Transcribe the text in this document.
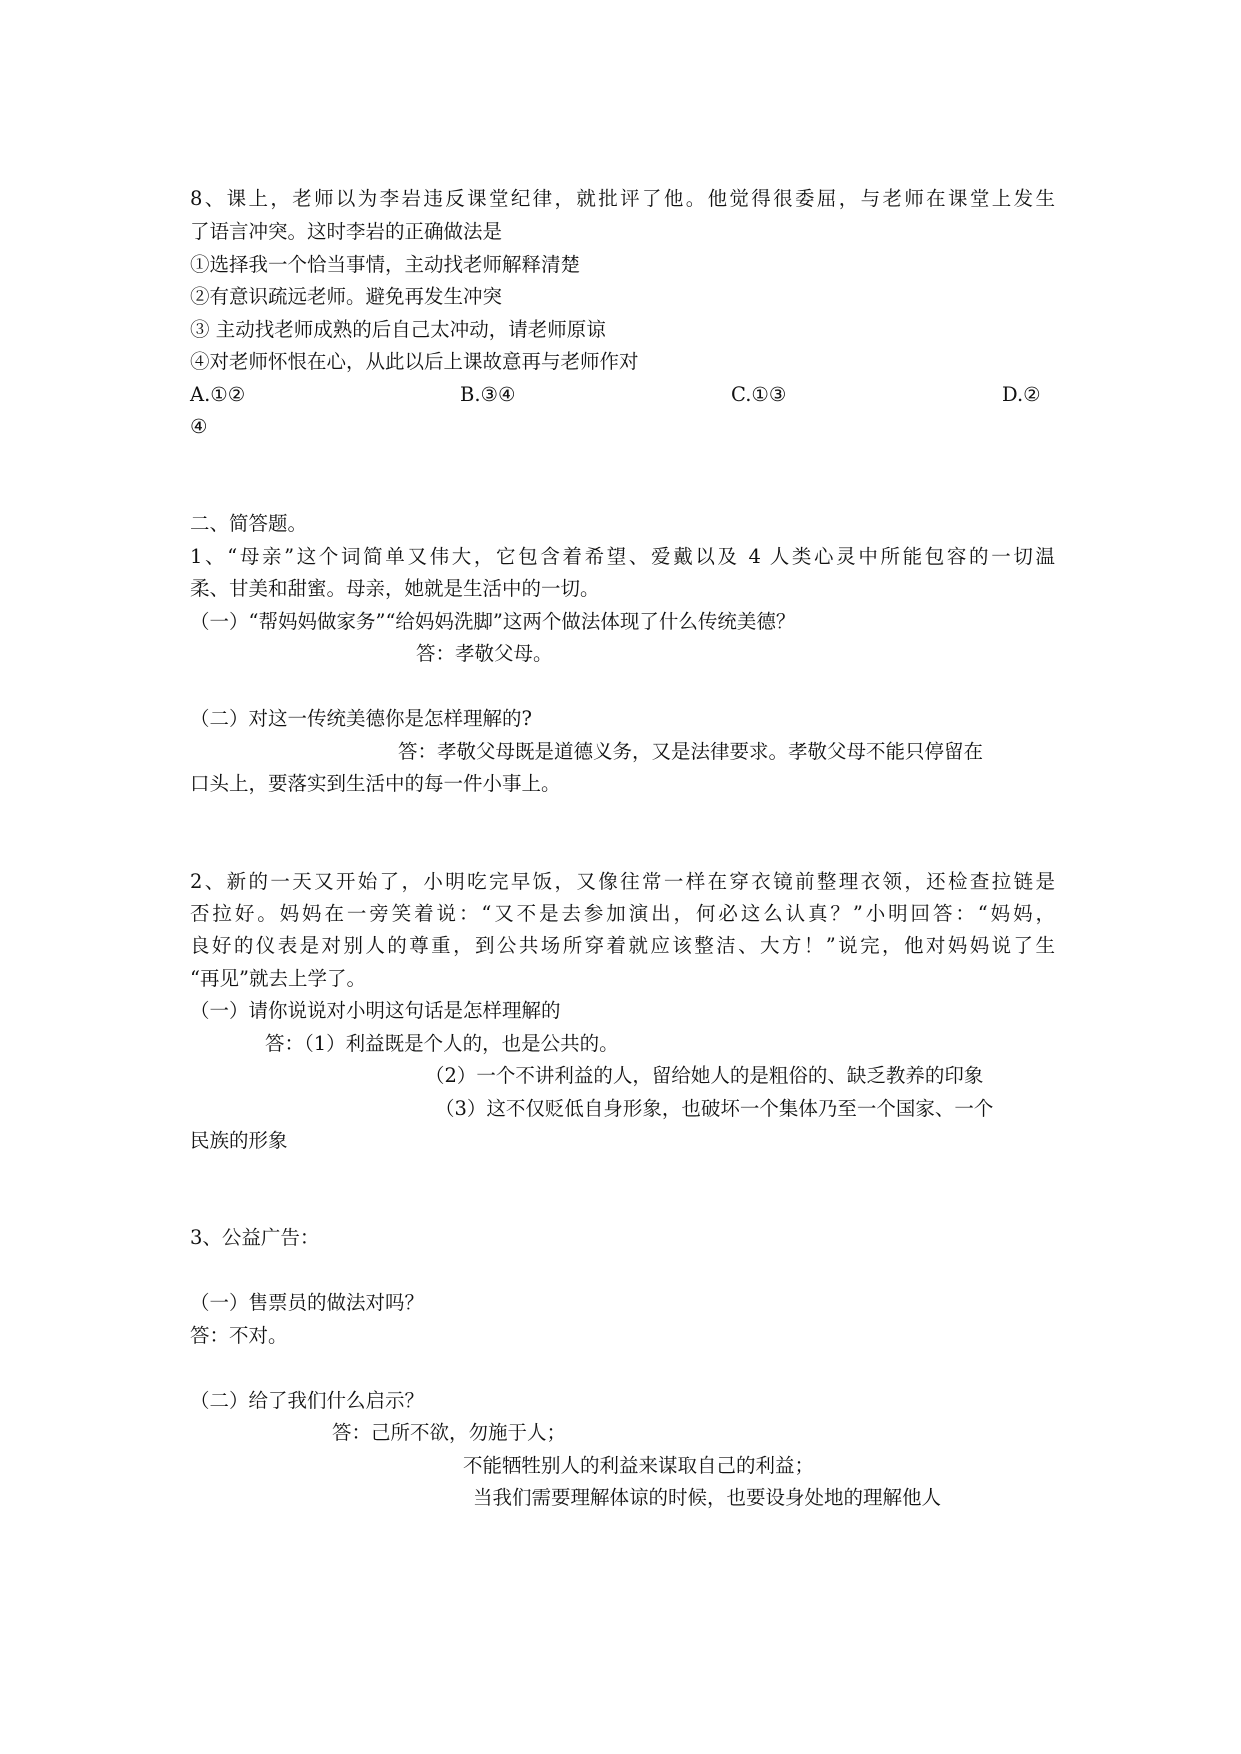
8、课上，老师以为李岩违反课堂纪律，就批评了他。他觉得很委屈，与老师在课堂上发生
了语言冲突。这时李岩的正确做法是
①选择我一个恰当事情，主动找老师解释清楚
②有意识疏远老师。避免再发生冲突
③ 主动找老师成熟的后自己太冲动，请老师原谅
④对老师怀恨在心，从此以后上课故意再与老师作对
A.①②	B.③④	C.①③	D.②
④
二、简答题。
1、“母亲”这个词简单又伟大，它包含着希望、爱戴以及 4 人类心灵中所能包容的一切温
柔、甘美和甜蜜。母亲，她就是生活中的一切。
（一）“帮妈妈做家务”“给妈妈洗脚”这两个做法体现了什么传统美德？
答：孝敬父母。
（二）对这一传统美德你是怎样理解的?
答：孝敬父母既是道德义务，又是法律要求。孝敬父母不能只停留在
口头上，要落实到生活中的每一件小事上。
2、新的一天又开始了，小明吃完早饭，又像往常一样在穿衣镜前整理衣领，还检查拉链是
否拉好。妈妈在一旁笑着说：“又不是去参加演出，何必这么认真？”小明回答：“妈妈，
良好的仪表是对别人的尊重，到公共场所穿着就应该整洁、大方！”说完，他对妈妈说了生
“再见”就去上学了。
（一）请你说说对小明这句话是怎样理解的
答：（1）利益既是个人的，也是公共的。
（2）一个不讲利益的人，留给她人的是粗俗的、缺乏教养的印象
（3）这不仅贬低自身形象，也破坏一个集体乃至一个国家、一个
民族的形象
3、公益广告：
（一）售票员的做法对吗？
答：不对。
（二）给了我们什么启示？
答：己所不欲，勿施于人；
不能牺牲别人的利益来谋取自己的利益；
当我们需要理解体谅的时候，也要设身处地的理解他人
